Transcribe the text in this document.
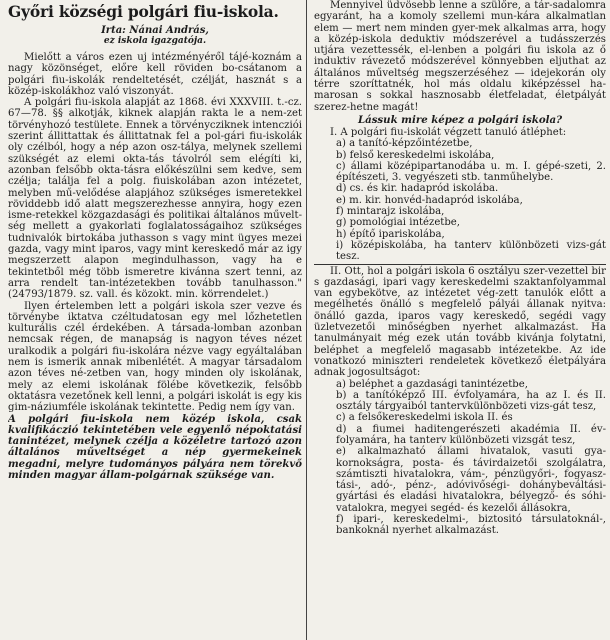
Győri községi polgári fiu-iskola.
Irta: Nánai András,
ez iskola igazgatója.

Mielőtt a város ezen uj intézményéről tájé-koznám a nagy közönséget, előre kell röviden bo-csátanom a polgári fiu-iskolák rendeltetését, czélját, hasznát s a közép-iskolákhoz való viszonyát.

A polgári fiu-iskola alapját az 1868. évi XXXVIII. t.-cz. 67—78. §§ alkotják, kiknek alapján rakta le a nem-zet törvényhozó testülete. Ennek a törvénycziknek intencziói szerint állittattak és állittatnak fel a pol-gári fiu-iskolák oly czélból, hogy a nép azon osz-tálya, melynek szellemi szükségét az elemi okta-tás távolról sem elégíti ki, azonban felsőbb okta-tásra előkészülni sem kedve, sem czélja; találja fel a polg. fiuiskolában azon intézetet, melyben mű-velődése alapjához szükséges ismeretekkel röviddebb idő alatt megszerezhesse annyira, hogy ezen isme-retekkel közgazdasági és politikai általános művelt-ség mellett a gyakorlati foglalatosságaihoz szükséges tudnivalók birtokába juthasson s vagy mint ügyes mezei gazda, vagy mint iparos, vagy mint kereskedő már az igy megszerzett alapon megindulhasson, vagy ha e tekintetből még több ismeretre kivánna szert tenni, az arra rendelt tan-intézetekben tovább tanulhasson." (24793/1879. sz. vall. és közokt. min. körrendelet.)

Ilyen értelemben lett a polgári iskola szer vezve és törvénybe iktatva czéltudatosan egy mel lőzhetetlen kulturális czél érdekében. A társada-lomban azonban nemcsak régen, de manapság is nagyon téves nézet uralkodik a polgári fiu-iskolára nézve vagy egyáltalában nem is ismerik annak mibenlétét. A magyar társadalom azon téves né-zetben van, hogy minden oly iskolának, mely az elemi iskolának fölébe következik, felsőbb oktatásra vezetőnek kell lenni, a polgári iskolát is egy kis gim-náziumféle iskolának tekintette. Pedig nem így van.

A polgári fiu-iskola nem közép iskola, csak kvalifikáczió tekintetében vele egyenlő népoktatási tanintézet, melynek czélja a közéletre tartozó azon általános műveltséget a nép gyermekeinek megadni, melyre tudományos pályára nem törekvő minden magyar állam-polgárnak szüksége van.

Mennyivel üdvösebb lenne a szülőre, a tár-sadalomra egyaránt, ha a komoly szellemi mun-kára alkalmatlan elem — mert nem minden gyer-mek alkalmas arra, hogy a közép-iskola deduktiv módszerével a tudásszerzés utjára vezettessék, el-lenben a polgári fiu iskola az ő induktiv rávezető módszerével könnyebben eljuthat az általános műveltség megszerzéséhez — idejekorán oly térre szoríttatnék, hol más oldalu kiképzéssel ha-marosan s sokkal hasznosabb életfeladat, életpályát szerez-hetne magát!

Lássuk mire képez a polgári iskola?

I. A polgári fiu-iskolát végzett tanuló átléphet:

a) a tanító-képzőintézetbe,

b) felső kereskedelmi iskolába,

c) állami középipartanodába u. m. I. gépé-szeti, 2. építészeti, 3. vegyészeti stb. tanműhelybe.

d) cs. és kir. hadapród iskolába.

e) m. kir. honvéd-hadapród iskolába,

f) mintarajz iskolába,

g) pomológiai intézetbe,

h) építő ipariskolába,

i) középiskolába, ha tanterv különbözeti vizs-gát tesz.

II. Ott, hol a polgári iskola 6 osztályu szer-vezettel bir s gazdasági, ipari vagy kereskedelmi szaktanfolyammal van egybekötve, az intézetet vég-zett tanulók előtt a megélhetés önálló s megfelelő pályái állanak nyitva: önálló gazda, iparos vagy kereskedő, segédi vagy üzletvezetői minőségben nyerhet alkalmazást. Ha tanulmányait még ezek után tovább kivánja folytatni, beléphet a megfelelő magasabb intézetekbe. Az ide vonatkozó miniszteri rendeletek következő életpályára adnak jogosultságot:

a) beléphet a gazdasági tanintézetbe,

b) a tanítóképző III. évfolyamára, ha az I. és II. osztály tárgyaiból tantervkülönbözeti vizs-gát tesz,

c) a felsőkereskedelmi iskola II. és

d) a fiumei haditengerészeti akadémia II. év-folyamára, ha tanterv különbözeti vizsgát tesz,

e) alkalmazható állami hivatalok, vasuti gya-kornokságra, posta- és távirdaizetői szolgálatra, számtiszti hivatalokra, vám-, pénzügyőri-, fogyasz-tási-, adó-, pénz-, adóvivőségi- dohánybeváltási-gyártási és eladási hivatalokra, bélyegző- és sóhi-vatalokra, megyei segéd- és kezelői állásokra,

f) ipari-, kereskedelmi-, biztositó társulatoknál-, bankoknál nyerhet alkalmazást.
